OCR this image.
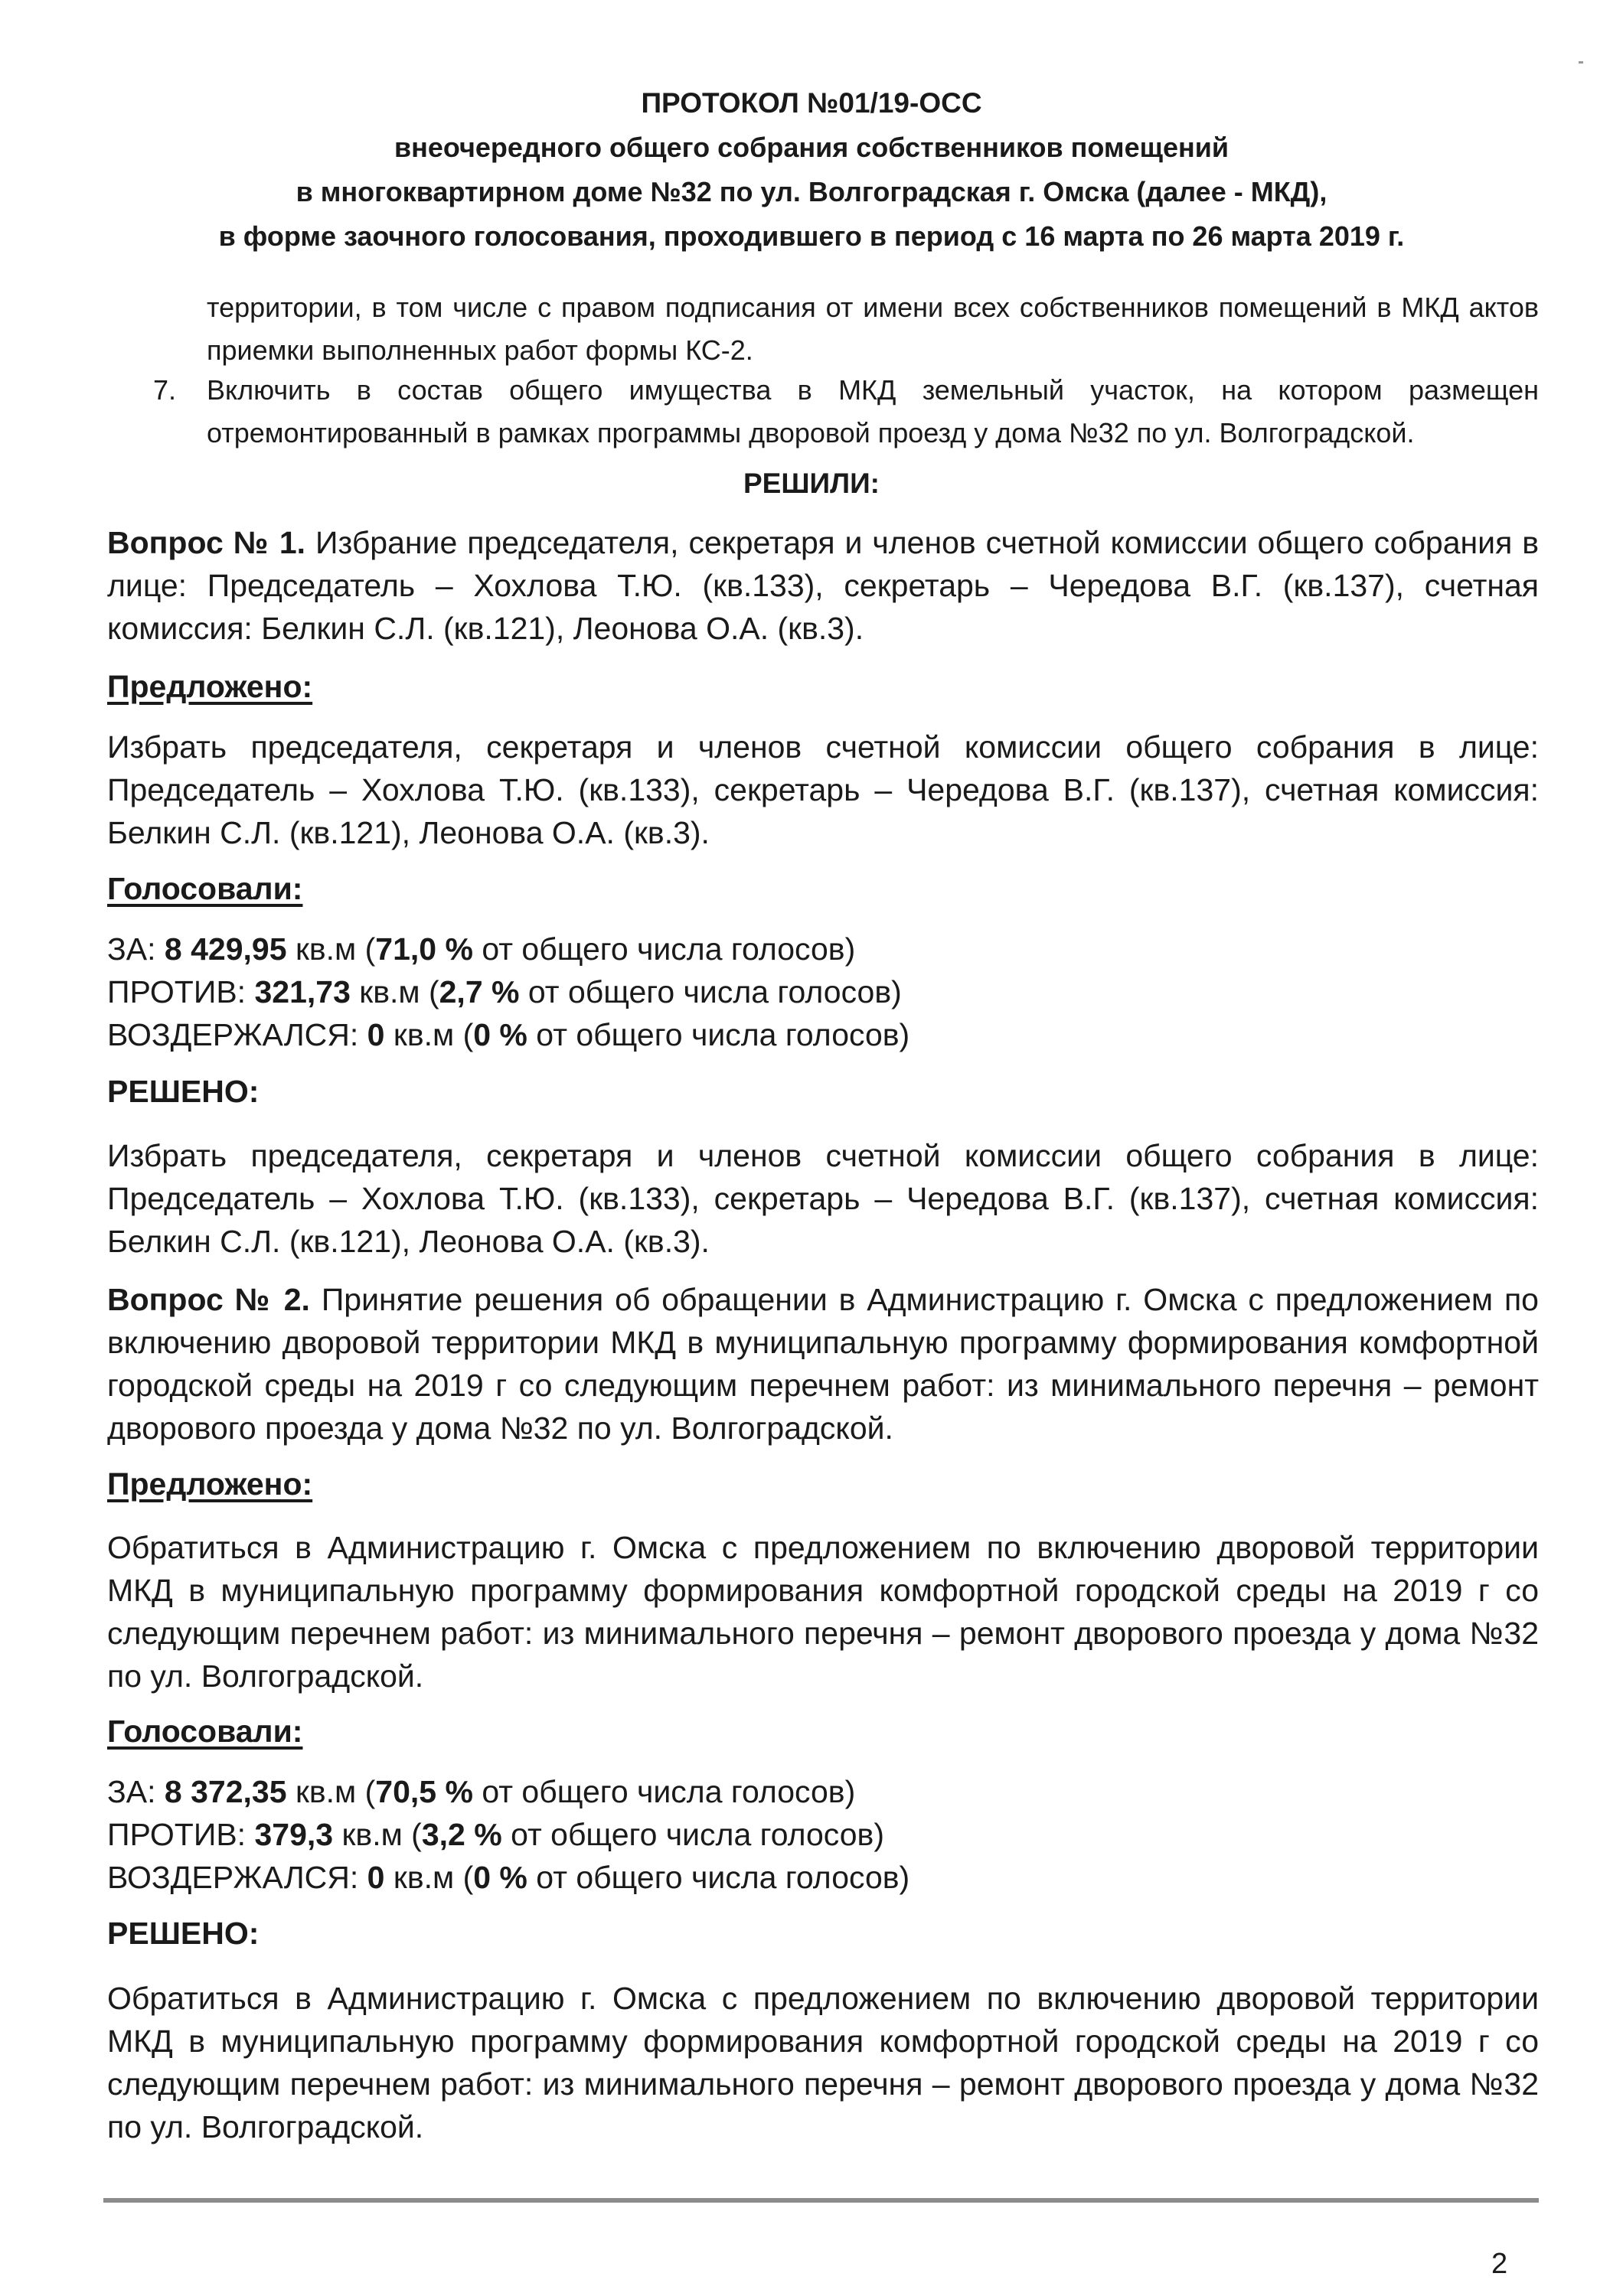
ПРОТОКОЛ №01/19-ОСС
внеочередного общего собрания собственников помещений
в многоквартирном доме №32 по ул. Волгоградская г. Омска (далее - МКД),
в форме заочного голосования, проходившего в период с 16 марта по 26 марта 2019 г.
территории, в том числе с правом подписания от имени всех собственников помещений в МКД актов приемки выполненных работ формы КС-2.
7.	Включить в состав общего имущества в МКД земельный участок, на котором размещен отремонтированный в рамках программы дворовой проезд у дома №32 по ул. Волгоградской.
РЕШИЛИ:
Вопрос № 1. Избрание председателя, секретаря и членов счетной комиссии общего собрания в лице: Председатель – Хохлова Т.Ю. (кв.133), секретарь – Чередова В.Г. (кв.137), счетная комиссия: Белкин С.Л. (кв.121), Леонова О.А. (кв.3).
Предложено:
Избрать председателя, секретаря и членов счетной комиссии общего собрания в лице: Председатель – Хохлова Т.Ю. (кв.133), секретарь – Чередова В.Г. (кв.137), счетная комиссия: Белкин С.Л. (кв.121), Леонова О.А. (кв.3).
Голосовали:
ЗА: 8 429,95 кв.м (71,0 % от общего числа голосов)
ПРОТИВ: 321,73 кв.м (2,7 % от общего числа голосов)
ВОЗДЕРЖАЛСЯ: 0 кв.м (0 % от общего числа голосов)
РЕШЕНО:
Избрать председателя, секретаря и членов счетной комиссии общего собрания в лице: Председатель – Хохлова Т.Ю. (кв.133), секретарь – Чередова В.Г. (кв.137), счетная комиссия: Белкин С.Л. (кв.121), Леонова О.А. (кв.3).
Вопрос № 2. Принятие решения об обращении в Администрацию г. Омска с предложением по включению дворовой территории МКД в муниципальную программу формирования комфортной городской среды на 2019 г со следующим перечнем работ: из минимального перечня – ремонт дворового проезда у дома №32 по ул. Волгоградской.
Предложено:
Обратиться в Администрацию г. Омска с предложением по включению дворовой территории МКД в муниципальную программу формирования комфортной городской среды на 2019 г со следующим перечнем работ: из минимального перечня – ремонт дворового проезда у дома №32 по ул. Волгоградской.
Голосовали:
ЗА: 8 372,35 кв.м (70,5 % от общего числа голосов)
ПРОТИВ: 379,3 кв.м (3,2 % от общего числа голосов)
ВОЗДЕРЖАЛСЯ: 0 кв.м (0 % от общего числа голосов)
РЕШЕНО:
Обратиться в Администрацию г. Омска с предложением по включению дворовой территории МКД в муниципальную программу формирования комфортной городской среды на 2019 г со следующим перечнем работ: из минимального перечня – ремонт дворового проезда у дома №32 по ул. Волгоградской.
2
